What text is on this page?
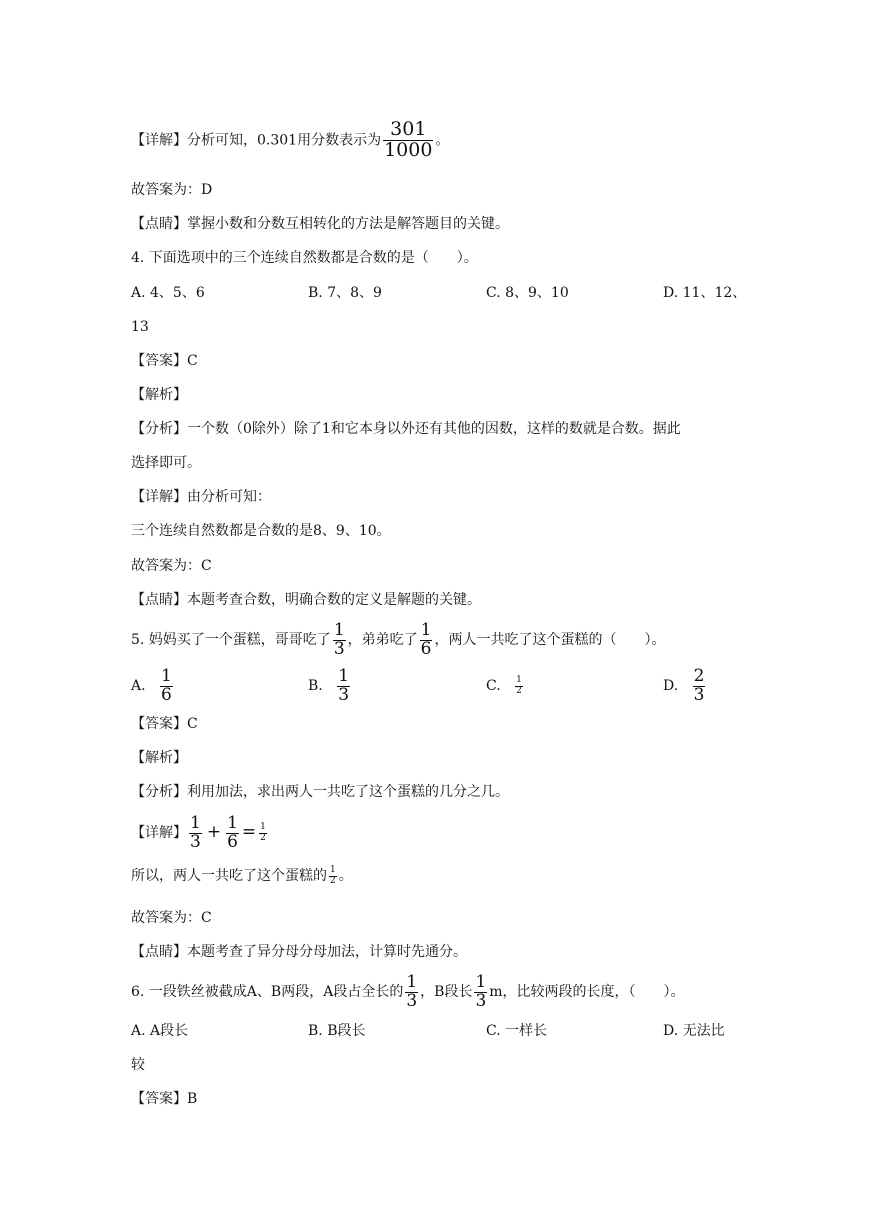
【详解】分析可知，0.301用分数表示为 $\frac{301}{1000}$ 。
故答案为：D
【点睛】掌握小数和分数互相转化的方法是解答题目的关键。
4. 下面选项中的三个连续自然数都是合数的是（　　）。
A. 4、5、6	B. 7、8、9	C. 8、9、10	D. 11、12、
13
【答案】C
【解析】
【分析】一个数（0除外）除了1和它本身以外还有其他的因数，这样的数就是合数。据此
选择即可。
【详解】由分析可知：
三个连续自然数都是合数的是8、9、10。
故答案为：C
【点睛】本题考查合数，明确合数的定义是解题的关键。
5. 妈妈买了一个蛋糕，哥哥吃了 $\frac{1}{3}$ ，弟弟吃了 $\frac{1}{6}$ ，两人一共吃了这个蛋糕的（　　）。
A. $\frac{1}{6}$	B. $\frac{1}{3}$	C. $\frac{1}{2}$	D. $\frac{2}{3}$
【答案】C
【解析】
【分析】利用加法，求出两人一共吃了这个蛋糕的几分之几。
【详解】 $\frac{1}{3} + \frac{1}{6} = \frac{1}{2}$
所以，两人一共吃了这个蛋糕的 $\frac{1}{2}$ 。
故答案为：C
【点睛】本题考查了异分母分母加法，计算时先通分。
6. 一段铁丝被截成A、B两段，A段占全长的 $\frac{1}{3}$ ，B段长 $\frac{1}{3}$ m，比较两段的长度，（　　）。
A. A段长	B. B段长	C. 一样长	D. 无法比
较
【答案】B
